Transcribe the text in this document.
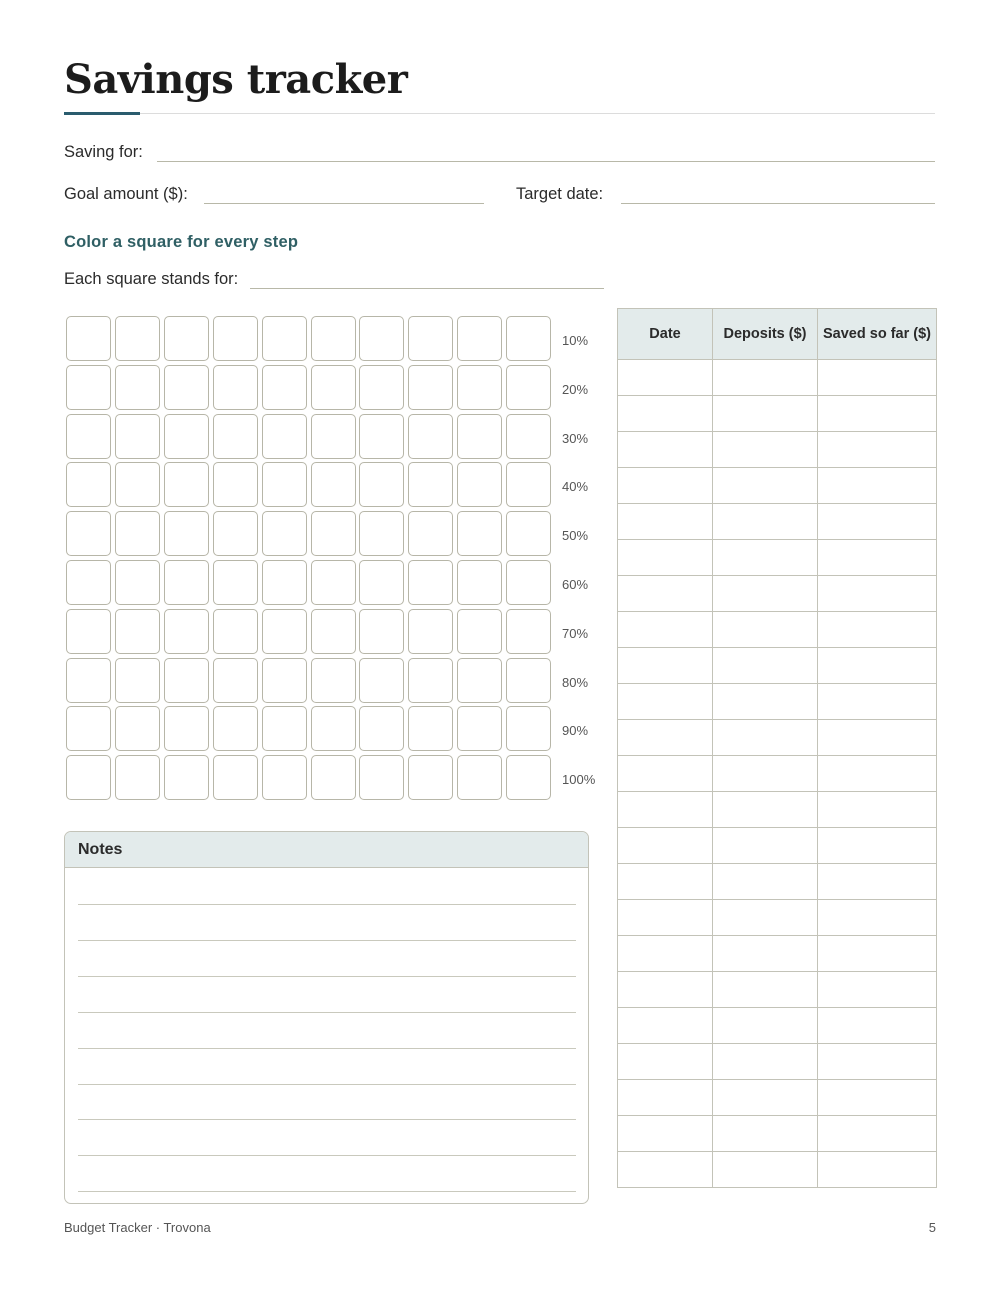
Savings tracker
Saving for:
Goal amount ($):	Target date:
Color a square for every step
Each square stands for:
10%
20%
30%
40%
50%
60%
70%
80%
90%
100%
Notes
Date	Deposits ($)	Saved so far ($)

Budget Tracker · Trovona	5
